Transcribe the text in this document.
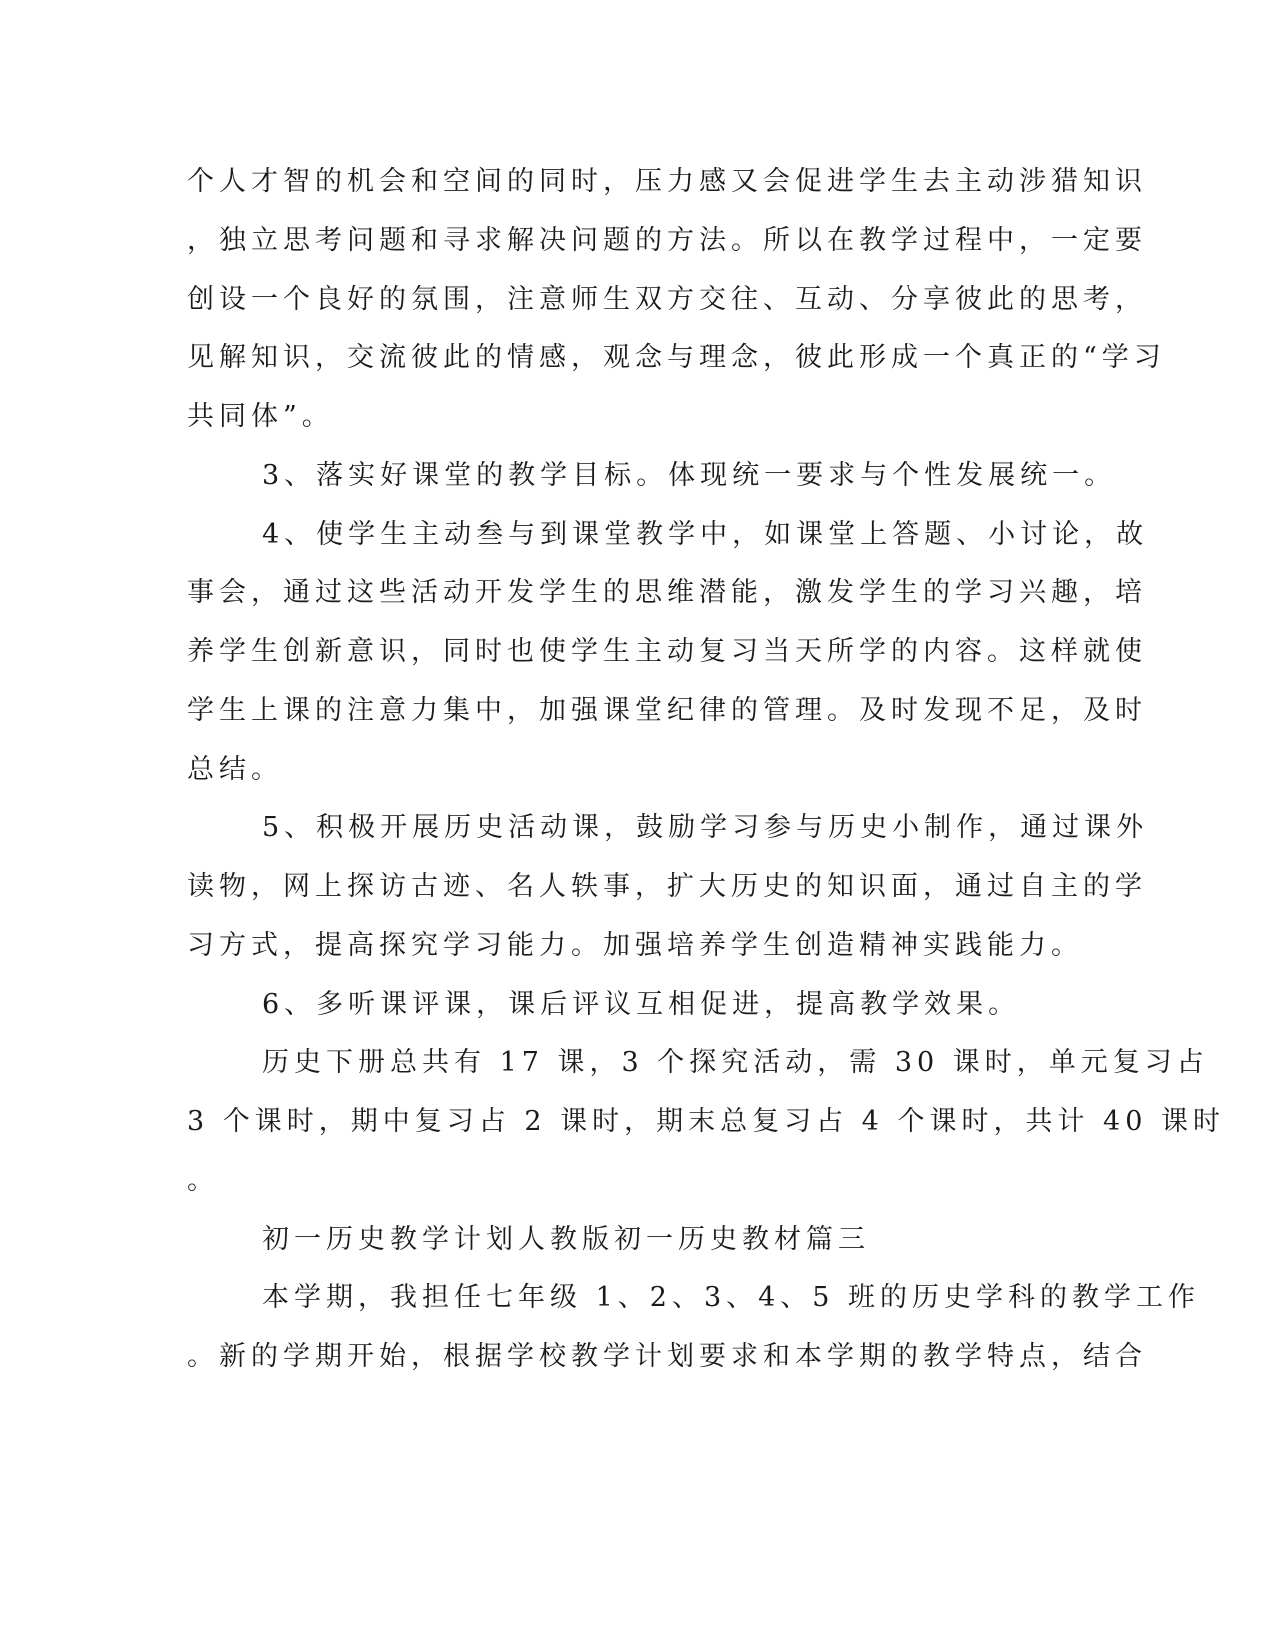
个人才智的机会和空间的同时，压力感又会促进学生去主动涉猎知识
，独立思考问题和寻求解决问题的方法。所以在教学过程中，一定要
创设一个良好的氛围，注意师生双方交往、互动、分享彼此的思考，
见解知识，交流彼此的情感，观念与理念，彼此形成一个真正的“学习
共同体”。
3、落实好课堂的教学目标。体现统一要求与个性发展统一。
4、使学生主动叁与到课堂教学中，如课堂上答题、小讨论，故
事会，通过这些活动开发学生的思维潜能，激发学生的学习兴趣，培
养学生创新意识，同时也使学生主动复习当天所学的内容。这样就使
学生上课的注意力集中，加强课堂纪律的管理。及时发现不足，及时
总结。
5、积极开展历史活动课，鼓励学习参与历史小制作，通过课外
读物，网上探访古迹、名人轶事，扩大历史的知识面，通过自主的学
习方式，提高探究学习能力。加强培养学生创造精神实践能力。
6、多听课评课，课后评议互相促进，提高教学效果。
历史下册总共有 17 课，3 个探究活动，需 30 课时，单元复习占
3 个课时，期中复习占 2 课时，期末总复习占 4 个课时，共计 40 课时
。
初一历史教学计划人教版初一历史教材篇三
本学期，我担任七年级 1、2、3、4、5 班的历史学科的教学工作
。新的学期开始，根据学校教学计划要求和本学期的教学特点，结合
